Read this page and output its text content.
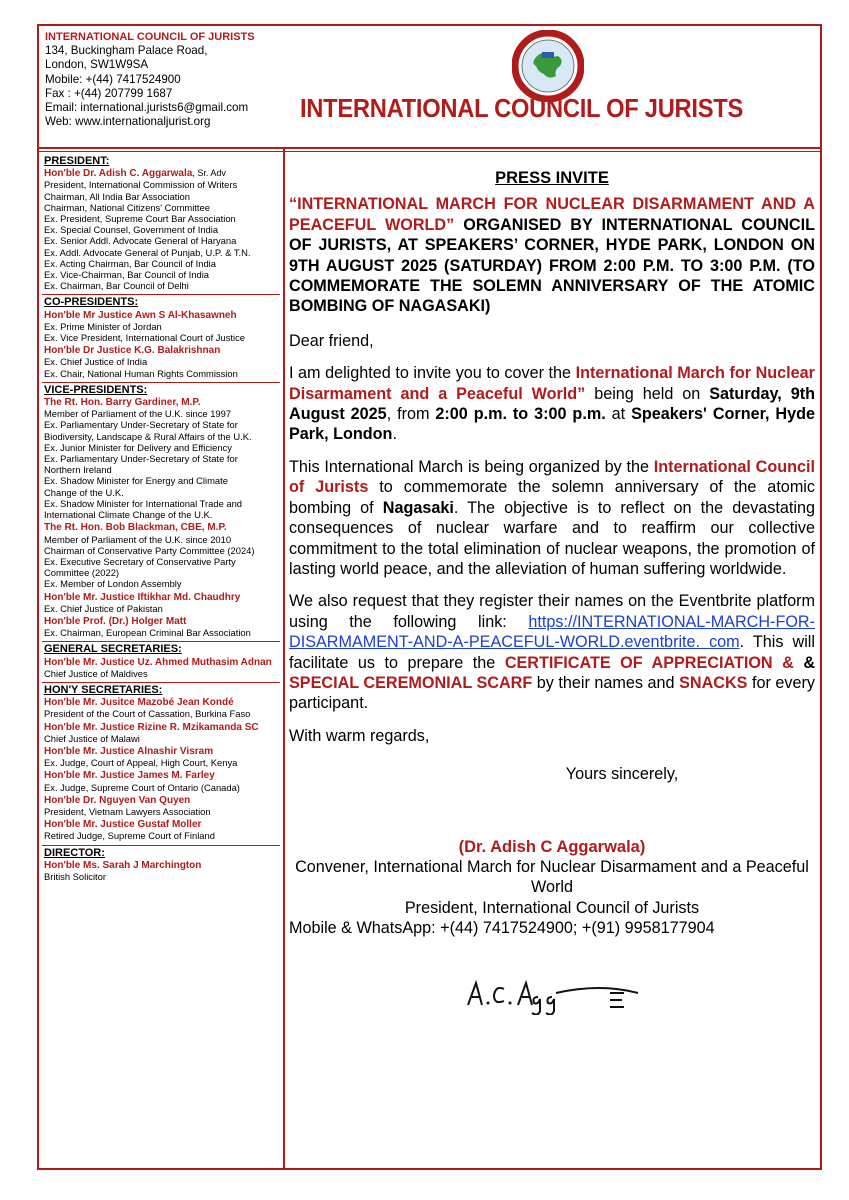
INTERNATIONAL COUNCIL OF JURISTS
134, Buckingham Palace Road,
London, SW1W9SA
Mobile: +(44) 7417524900
Fax : +(44) 207799 1687
Email: international.jurists6@gmail.com
Web: www.internationaljurist.org	INTERNATIONAL COUNCIL OF JURISTS
PRESIDENT:
Hon'ble Dr. Adish C. Aggarwala, Sr. Adv
President, International Commission of Writers
Chairman, All India Bar Association
Chairman, National Citizens' Committee
Ex. President, Supreme Court Bar Association
Ex. Special Counsel, Government of India
Ex. Senior Addl. Advocate General of Haryana
Ex. Addl. Advocate General of Punjab, U.P. & T.N.
Ex. Acting Chairman, Bar Council of India
Ex. Vice-Chairman, Bar Council of India
Ex. Chairman, Bar Council of Delhi
CO-PRESIDENTS:
Hon'ble Mr Justice Awn S Al-Khasawneh
Ex. Prime Minister of Jordan
Ex. Vice President, International Court of Justice
Hon'ble Dr Justice K.G. Balakrishnan
Ex. Chief Justice of India
Ex. Chair, National Human Rights Commission
VICE-PRESIDENTS:
The Rt. Hon. Barry Gardiner, M.P.
Member of Parliament of the U.K. since 1997
Ex. Parliamentary Under-Secretary of State for
Biodiversity, Landscape & Rural Affairs of the U.K.
Ex. Junior Minister for Delivery and Efficiency
Ex. Parliamentary Under-Secretary of State for
Northern Ireland
Ex. Shadow Minister for Energy and Climate
Change of the U.K.
Ex. Shadow Minister for International Trade and
International Climate Change of the U.K.
The Rt. Hon. Bob Blackman, CBE, M.P.
Member of Parliament of the U.K. since 2010
Chairman of Conservative Party Committee (2024)
Ex. Executive Secretary of Conservative Party
Committee (2022)
Ex. Member of London Assembly
Hon'ble Mr. Justice Iftikhar Md. Chaudhry
Ex. Chief Justice of Pakistan
Hon'ble Prof. (Dr.) Holger Matt
Ex. Chairman, European Criminal Bar Association
GENERAL SECRETARIES:
Hon'ble Mr. Justice Uz. Ahmed Muthasim Adnan
Chief Justice of Maldives
HON'Y SECRETARIES:
Hon'ble Mr. Jusitce Mazobé Jean Kondé
President of the Court of Cassation, Burkina Faso
Hon'ble Mr. Justice Rizine R. Mzikamanda SC
Chief Justice of Malawi
Hon'ble Mr. Justice Alnashir Visram
Ex. Judge, Court of Appeal, High Court, Kenya
Hon'ble Mr. Justice James M. Farley
Ex. Judge, Supreme Court of Ontario (Canada)
Hon'ble Dr. Nguyen Van Quyen
President, Vietnam Lawyers Association
Hon'ble Mr. Justice Gustaf Moller
Retired Judge, Supreme Court of Finland
DIRECTOR:
Hon'ble Ms. Sarah J Marchington
British Solicitor
PRESS INVITE
“INTERNATIONAL MARCH FOR NUCLEAR DISARMAMENT AND A PEACEFUL WORLD” ORGANISED BY INTERNATIONAL COUNCIL OF JURISTS, AT SPEAKERS’ CORNER, HYDE PARK, LONDON ON 9TH AUGUST 2025 (SATURDAY) FROM 2:00 P.M. TO 3:00 P.M. (TO COMMEMORATE THE SOLEMN ANNIVERSARY OF THE ATOMIC BOMBING OF NAGASAKI)
Dear friend,
I am delighted to invite you to cover the International March for Nuclear Disarmament and a Peaceful World” being held on Saturday, 9th August 2025, from 2:00 p.m. to 3:00 p.m. at Speakers' Corner, Hyde Park, London.
This International March is being organized by the International Council of Jurists to commemorate the solemn anniversary of the atomic bombing of Nagasaki. The objective is to reflect on the devastating consequences of nuclear warfare and to reaffirm our collective commitment to the total elimination of nuclear weapons, the promotion of lasting world peace, and the alleviation of human suffering worldwide.
We also request that they register their names on the Eventbrite platform using the following link: https://INTERNATIONAL-MARCH-FOR- DISARMAMENT-AND-A-PEACEFUL-WORLD.eventbrite. com. This will facilitate us to prepare the CERTIFICATE OF APPRECIATION & & SPECIAL CEREMONIAL SCARF by their names and SNACKS for every participant.
With warm regards,
Yours sincerely,
(Dr. Adish C Aggarwala)
Convener, International March for Nuclear Disarmament and a Peaceful World
President, International Council of Jurists
Mobile & WhatsApp: +(44) 7417524900; +(91) 9958177904
